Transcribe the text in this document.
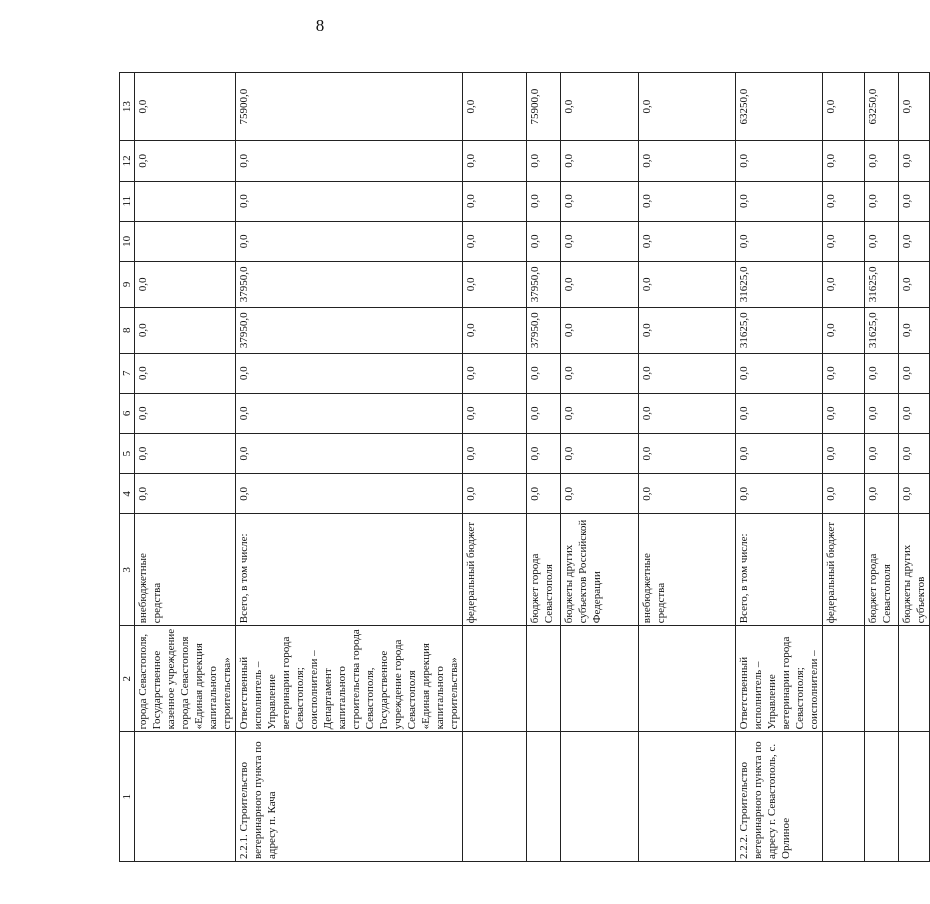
8
1	2	3	4	5	6	7	8	9	10	11	12	13
	города Севастополя, Государственное казенное учреждение города Севастополя «Единая дирекция капитального строительства»	внебюджетные средства	0,0	0,0	0,0	0,0	0,0	0,0			0,0	0,0
2.2.1. Строительство ветеринарного пункта по адресу п. Кача	Ответственный исполнитель – Управление ветеринарии города Севастополя; соисполнители – Департамент капитального строительства города Севастополя, Государственное учреждение города Севастополя «Единая дирекция капитального строительства»	Всего, в том числе:	0,0	0,0	0,0	0,0	37950,0	37950,0	0,0	0,0	0,0	75900,0
		федеральный бюджет	0,0	0,0	0,0	0,0	0,0	0,0	0,0	0,0	0,0	0,0
		бюджет города Севастополя	0,0	0,0	0,0	0,0	37950,0	37950,0	0,0	0,0	0,0	75900,0
		бюджеты других субъектов Российской Федерации	0,0	0,0	0,0	0,0	0,0	0,0	0,0	0,0	0,0	0,0
		внебюджетные средства	0,0	0,0	0,0	0,0	0,0	0,0	0,0	0,0	0,0	0,0
2.2.2. Строительство ветеринарного пункта по адресу г. Севастополь, с. Орлиное	Ответственный исполнитель – Управление ветеринарии города Севастополя; соисполнители –	Всего, в том числе:	0,0	0,0	0,0	0,0	31625,0	31625,0	0,0	0,0	0,0	63250,0
		федеральный бюджет	0,0	0,0	0,0	0,0	0,0	0,0	0,0	0,0	0,0	0,0
		бюджет города Севастополя	0,0	0,0	0,0	0,0	31625,0	31625,0	0,0	0,0	0,0	63250,0
		бюджеты других субъектов	0,0	0,0	0,0	0,0	0,0	0,0	0,0	0,0	0,0	0,0
